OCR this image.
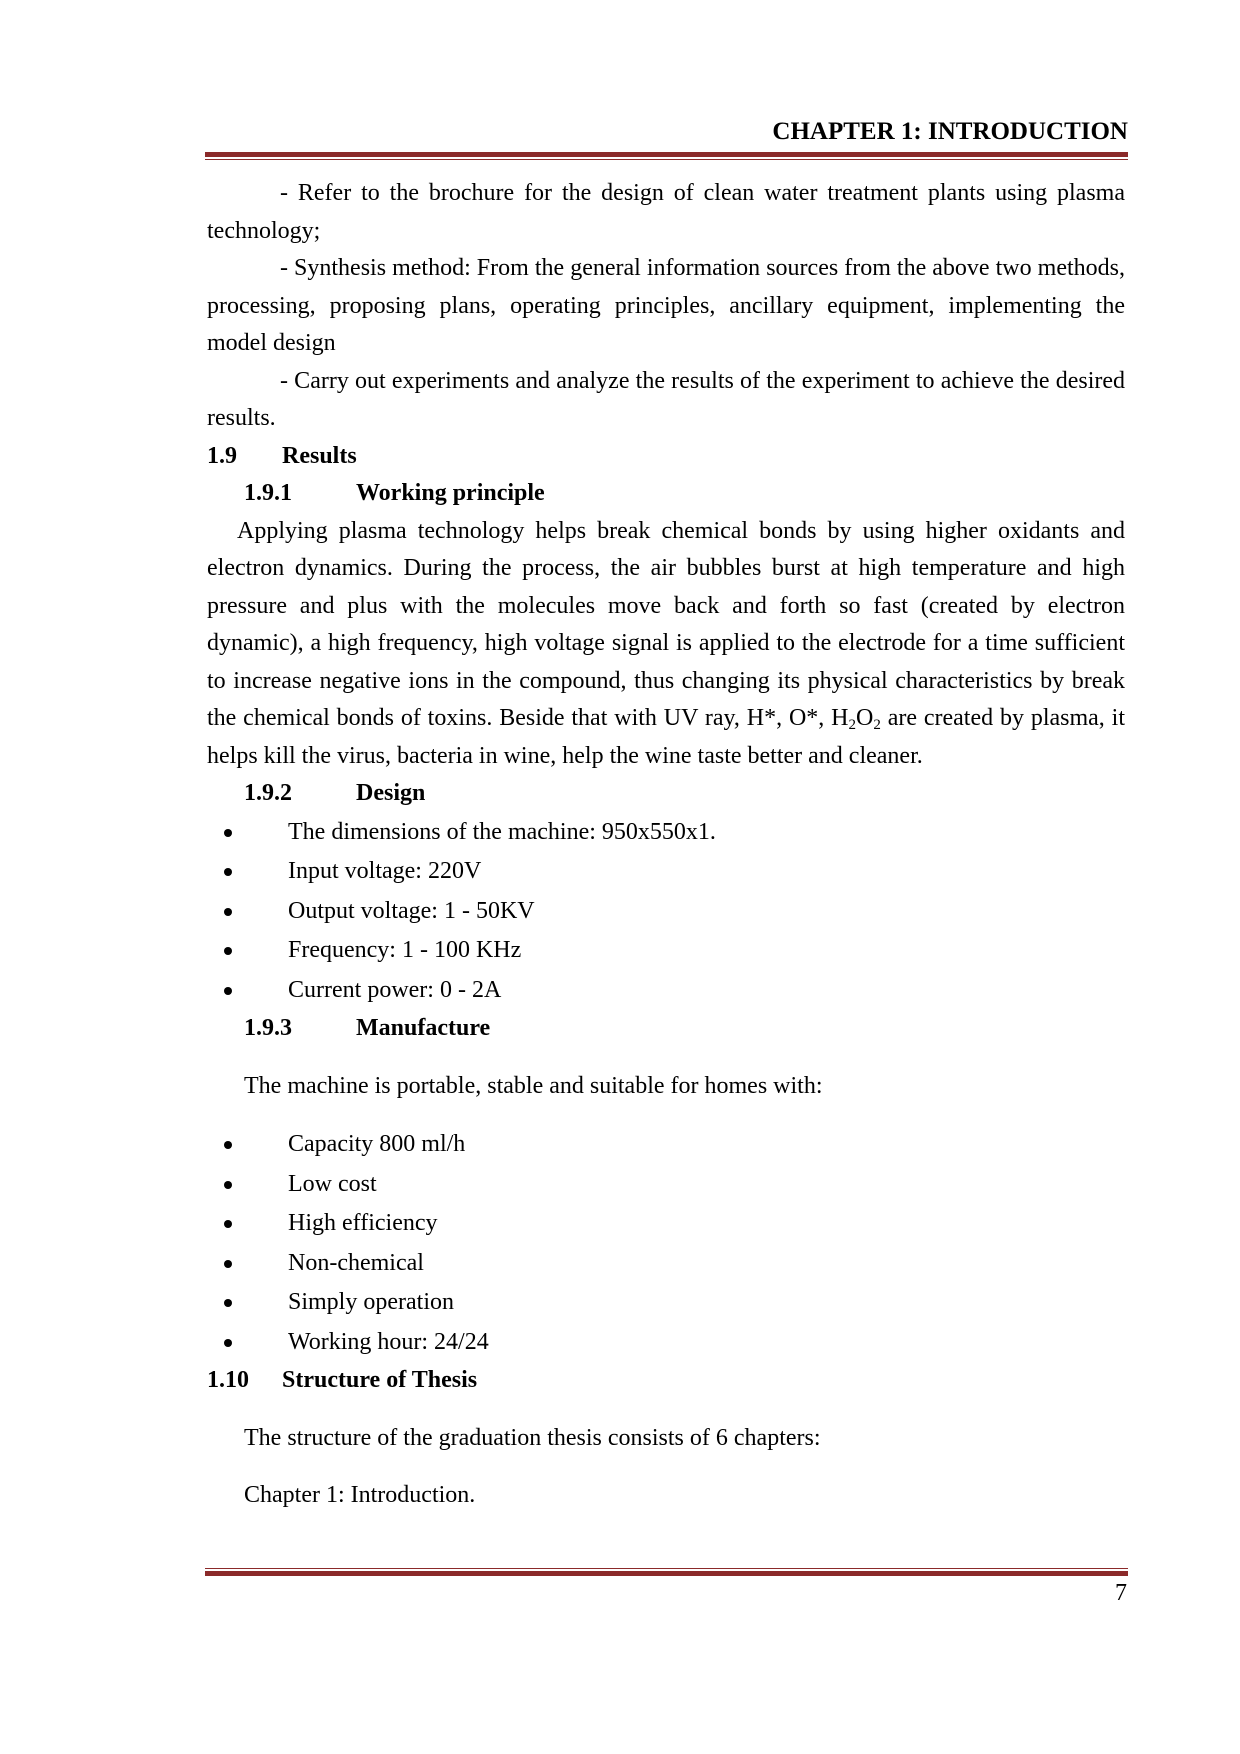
CHAPTER 1: INTRODUCTION

- Refer to the brochure for the design of clean water treatment plants using plasma technology;

- Synthesis method: From the general information sources from the above two methods, processing, proposing plans, operating principles, ancillary equipment, implementing the model design

- Carry out experiments and analyze the results of the experiment to achieve the desired results.

1.9 Results
1.9.1	Working principle

Applying plasma technology helps break chemical bonds by using higher oxidants and electron dynamics. During the process, the air bubbles burst at high temperature and high pressure and plus with the molecules move back and forth so fast (created by electron dynamic), a high frequency, high voltage signal is applied to the electrode for a time sufficient to increase negative ions in the compound, thus changing its physical characteristics by break the chemical bonds of toxins. Beside that with UV ray, H*, O*, $H_2O_2$ are created by plasma, it helps kill the virus, bacteria in wine, help the wine taste better and cleaner.

1.9.2	Design
The dimensions of the machine: 950x550x1.
Input voltage: 220V
Output voltage: 1 - 50KV
Frequency: 1 - 100 KHz
Current power: 0 - 2A
1.9.3	Manufacture

The machine is portable, stable and suitable for homes with:

Capacity 800 ml/h
Low cost
High efficiency
Non-chemical
Simply operation
Working hour: 24/24
1.10 Structure of Thesis

The structure of the graduation thesis consists of 6 chapters:

Chapter 1: Introduction.

7
